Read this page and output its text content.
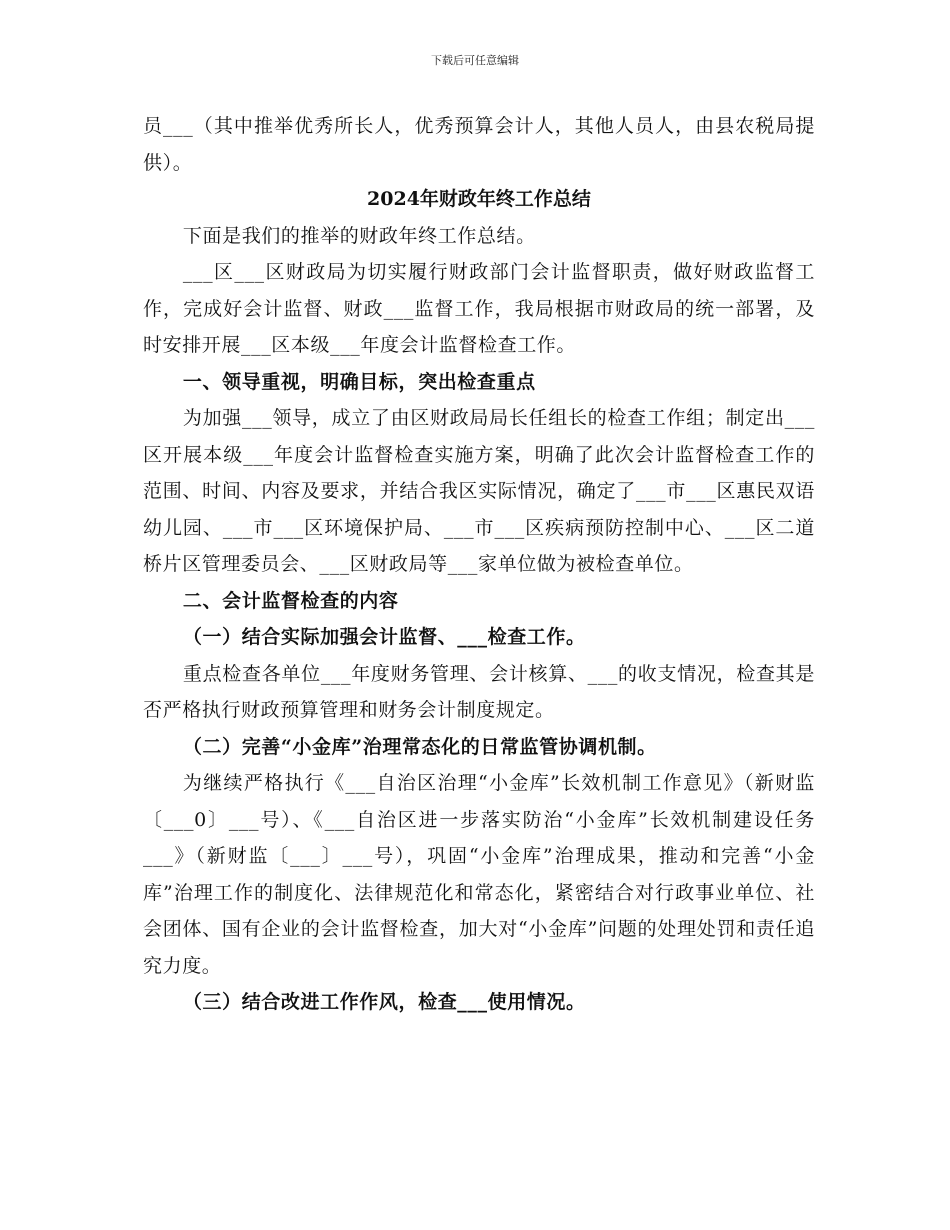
下载后可任意编辑

员___（其中推举优秀所长人，优秀预算会计人，其他人员人，由县农税局提供）。

2024年财政年终工作总结

下面是我们的推举的财政年终工作总结。

___区___区财政局为切实履行财政部门会计监督职责，做好财政监督工作，完成好会计监督、财政___监督工作，我局根据市财政局的统一部署，及时安排开展___区本级___年度会计监督检查工作。

一、领导重视，明确目标，突出检查重点

为加强___领导，成立了由区财政局局长任组长的检查工作组；制定出___区开展本级___年度会计监督检查实施方案，明确了此次会计监督检查工作的范围、时间、内容及要求，并结合我区实际情况，确定了___市___区惠民双语幼儿园、___市___区环境保护局、___市___区疾病预防控制中心、___区二道桥片区管理委员会、___区财政局等___家单位做为被检查单位。

二、会计监督检查的内容

（一）结合实际加强会计监督、___检查工作。

重点检查各单位___年度财务管理、会计核算、___的收支情况，检查其是否严格执行财政预算管理和财务会计制度规定。

（二）完善“小金库”治理常态化的日常监管协调机制。

为继续严格执行《___自治区治理“小金库”长效机制工作意见》（新财监〔___0〕___号）、《___自治区进一步落实防治“小金库”长效机制建设任务___》（新财监〔___〕___号），巩固“小金库”治理成果，推动和完善“小金库”治理工作的制度化、法律规范化和常态化，紧密结合对行政事业单位、社会团体、国有企业的会计监督检查，加大对“小金库”问题的处理处罚和责任追究力度。

（三）结合改进工作作风，检查___使用情况。
